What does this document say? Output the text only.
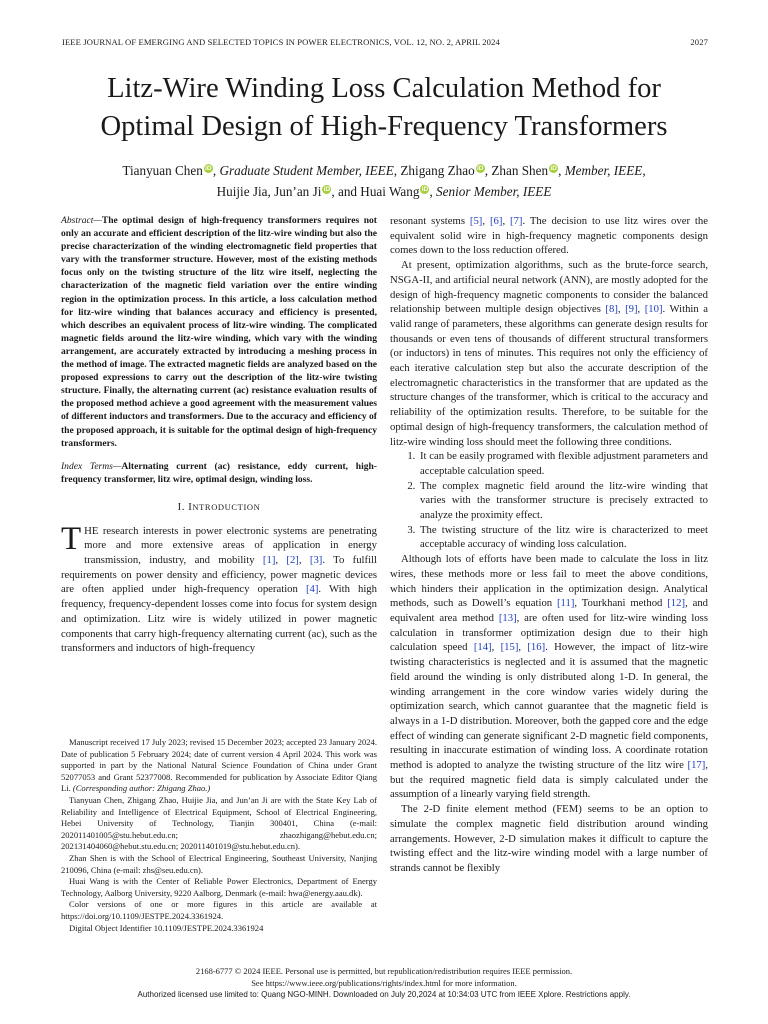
IEEE JOURNAL OF EMERGING AND SELECTED TOPICS IN POWER ELECTRONICS, VOL. 12, NO. 2, APRIL 2024	2027
Litz-Wire Winding Loss Calculation Method for
Optimal Design of High-Frequency Transformers
Tianyuan Chen iD, Graduate Student Member, IEEE, Zhigang Zhao iD, Zhan Shen iD, Member, IEEE,
Huijie Jia, Jun’an Ji iD, and Huai Wang iD, Senior Member, IEEE
Abstract—The optimal design of high-frequency transformers requires not only an accurate and efficient description of the litz-wire winding but also the precise characterization of the winding electromagnetic field properties that vary with the transformer structure. However, most of the existing methods focus only on the twisting structure of the litz wire itself, neglecting the characterization of the magnetic field variation over the entire winding region in the optimization process. In this article, a loss calculation method for litz-wire winding that balances accuracy and efficiency is presented, which describes an equivalent process of litz-wire winding. The complicated magnetic fields around the litz-wire winding, which vary with the winding arrangement, are accurately extracted by introducing a meshing process in the method of image. The extracted magnetic fields are analyzed based on the proposed expressions to carry out the description of the litz-wire twisting structure. Finally, the alternating current (ac) resistance evaluation results of the proposed method achieve a good agreement with the measurement values of different inductors and transformers. Due to the accuracy and efficiency of the proposed approach, it is suitable for the optimal design of high-frequency transformers.
Index Terms—Alternating current (ac) resistance, eddy current, high-frequency transformer, litz wire, optimal design, winding loss.
I. INTRODUCTION

THE research interests in power electronic systems are penetrating more and more extensive areas of application in energy transmission, industry, and mobility [1], [2], [3]. To fulfill requirements on power density and efficiency, power magnetic devices are often applied under high-frequency operation [4]. With high frequency, frequency-dependent losses come into focus for system design and optimization. Litz wire is widely utilized in power magnetic components that carry high-frequency alternating current (ac), such as the transformers and inductors of high-frequency

Manuscript received 17 July 2023; revised 15 December 2023; accepted 23 January 2024. Date of publication 5 February 2024; date of current version 4 April 2024. This work was supported in part by the National Natural Science Foundation of China under Grant 52077053 and Grant 52377008. Recommended for publication by Associate Editor Qiang Li. (Corresponding author: Zhigang Zhao.)

Tianyuan Chen, Zhigang Zhao, Huijie Jia, and Jun’an Ji are with the State Key Lab of Reliability and Intelligence of Electrical Equipment, School of Electrical Engineering, Hebei University of Technology, Tianjin 300401, China (e-mail: 202011401005@stu.hebut.edu.cn; zhaozhigang@hebut.edu.cn; 202131404060@hebut.stu.edu.cn; 202011401019@stu.hebut.edu.cn).

Zhan Shen is with the School of Electrical Engineering, Southeast University, Nanjing 210096, China (e-mail: zhs@seu.edu.cn).

Huai Wang is with the Center of Reliable Power Electronics, Department of Energy Technology, Aalborg University, 9220 Aalborg, Denmark (e-mail: hwa@energy.aau.dk).

Color versions of one or more figures in this article are available at https://doi.org/10.1109/JESTPE.2024.3361924.

Digital Object Identifier 10.1109/JESTPE.2024.3361924

resonant systems [5], [6], [7]. The decision to use litz wires over the equivalent solid wire in high-frequency magnetic components design comes down to the loss reduction offered.

At present, optimization algorithms, such as the brute-force search, NSGA-II, and artificial neural network (ANN), are mostly adopted for the design of high-frequency magnetic components to consider the balanced relationship between multiple design objectives [8], [9], [10]. Within a valid range of parameters, these algorithms can generate design results for thousands or even tens of thousands of different structural transformers (or inductors) in tens of minutes. This requires not only the efficiency of each iterative calculation step but also the accurate description of the electromagnetic characteristics in the transformer that are updated as the structure changes of the transformer, which is critical to the accuracy and reliability of the optimization results. Therefore, to be suitable for the optimal design of high-frequency transformers, the calculation method of litz-wire winding loss should meet the following three conditions.

1. It can be easily programed with flexible adjustment parameters and acceptable calculation speed.
2. The complex magnetic field around the litz-wire winding that varies with the transformer structure is precisely extracted to analyze the proximity effect.
3. The twisting structure of the litz wire is characterized to meet acceptable accuracy of winding loss calculation.

Although lots of efforts have been made to calculate the loss in litz wires, these methods more or less fail to meet the above conditions, which hinders their application in the optimization design. Analytical methods, such as Dowell’s equation [11], Tourkhani method [12], and equivalent area method [13], are often used for litz-wire winding loss calculation in transformer optimization design due to their high calculation speed [14], [15], [16]. However, the impact of litz-wire twisting characteristics is neglected and it is assumed that the magnetic field around the winding is only distributed along 1-D. In general, the winding arrangement in the core window varies widely during the optimization search, which cannot guarantee that the magnetic field is always in a 1-D distribution. Moreover, both the gapped core and the edge effect of winding can generate significant 2-D magnetic field components, resulting in inaccurate estimation of winding loss. A coordinate rotation method is adopted to analyze the twisting structure of the litz wire [17], but the required magnetic field data is simply calculated under the assumption of a linearly varying field strength.

The 2-D finite element method (FEM) seems to be an option to simulate the complex magnetic field distribution around winding arrangements. However, 2-D simulation makes it difficult to capture the twisting effect and the litz-wire winding model with a large number of strands cannot be flexibly

2168-6777 © 2024 IEEE. Personal use is permitted, but republication/redistribution requires IEEE permission.
See https://www.ieee.org/publications/rights/index.html for more information.
Authorized licensed use limited to: Quang NGO-MINH. Downloaded on July 20,2024 at 10:34:03 UTC from IEEE Xplore. Restrictions apply.
